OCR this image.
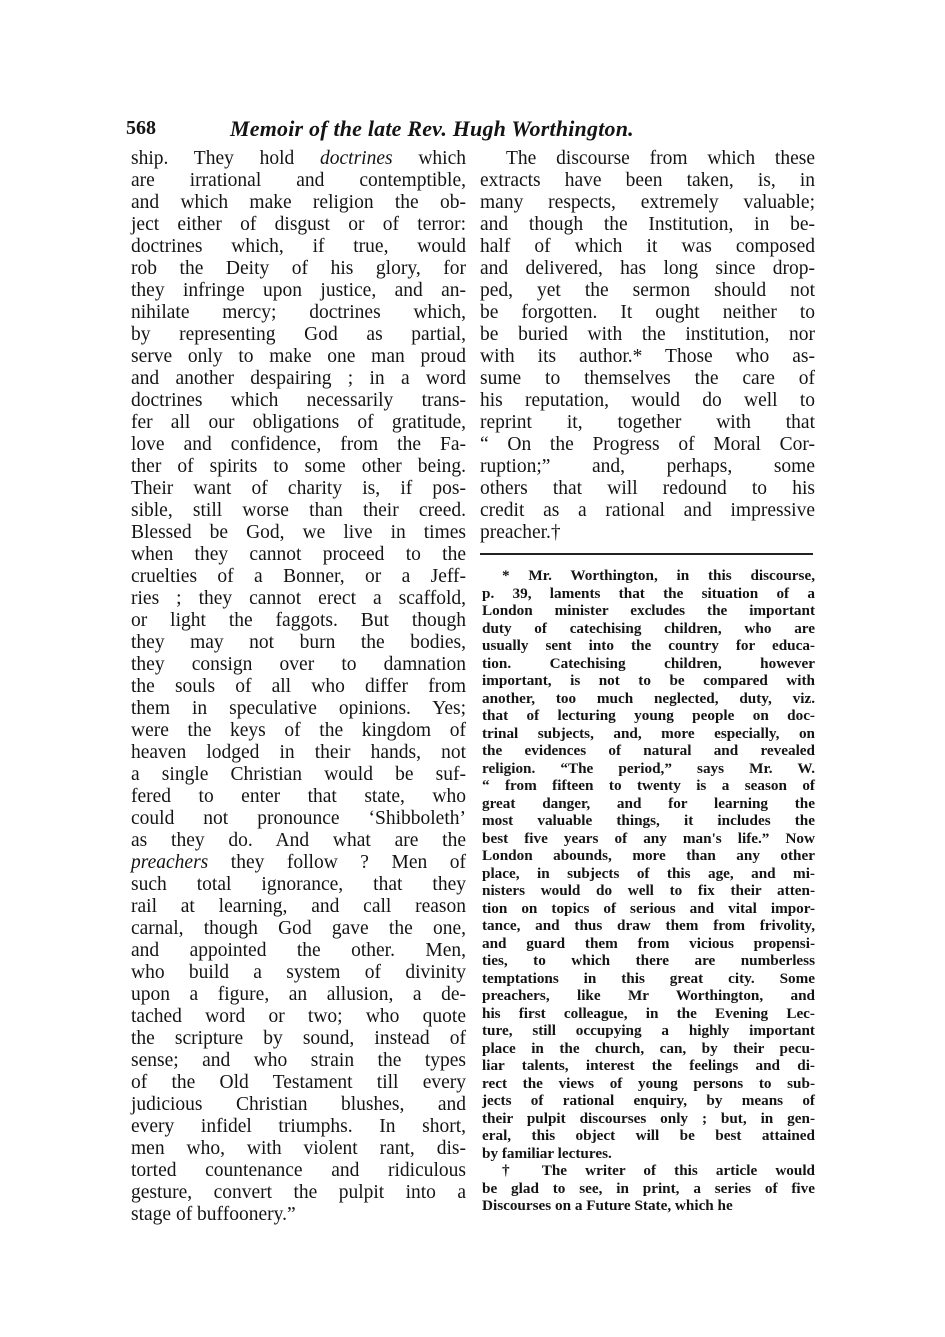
568	Memoir of the late Rev. Hugh Worthington.
ship. They hold doctrines which
are irrational and contemptible,
and which make religion the ob-
ject either of disgust or of terror:
doctrines which, if true, would
rob the Deity of his glory, for
they infringe upon justice, and an-
nihilate mercy; doctrines which,
by representing God as partial,
serve only to make one man proud
and another despairing ; in a word
doctrines which necessarily trans-
fer all our obligations of gratitude,
love and confidence, from the Fa-
ther of spirits to some other being.
Their want of charity is, if pos-
sible, still worse than their creed.
Blessed be God, we live in times
when they cannot proceed to the
cruelties of a Bonner, or a Jeff-
ries ; they cannot erect a scaffold,
or light the faggots. But though
they may not burn the bodies,
they consign over to damnation
the souls of all who differ from
them in speculative opinions. Yes;
were the keys of the kingdom of
heaven lodged in their hands, not
a single Christian would be suf-
fered to enter that state, who
could not pronounce ‘Shibboleth’
as they do. And what are the
preachers they follow ? Men of
such total ignorance, that they
rail at learning, and call reason
carnal, though God gave the one,
and appointed the other. Men,
who build a system of divinity
upon a figure, an allusion, a de-
tached word or two; who quote
the scripture by sound, instead of
sense; and who strain the types
of the Old Testament till every
judicious Christian blushes, and
every infidel triumphs. In short,
men who, with violent rant, dis-
torted countenance and ridiculous
gesture, convert the pulpit into a
stage of buffoonery.”
The discourse from which these
extracts have been taken, is, in
many respects, extremely valuable;
and though the Institution, in be-
half of which it was composed
and delivered, has long since drop-
ped, yet the sermon should not
be forgotten. It ought neither to
be buried with the institution, nor
with its author.* Those who as-
sume to themselves the care of
his reputation, would do well to
reprint it, together with that
“ On the Progress of Moral Cor-
ruption;” and, perhaps, some
others that will redound to his
credit as a rational and impressive
preacher.†
* Mr. Worthington, in this discourse,
p. 39, laments that the situation of a
London minister excludes the important
duty of catechising children, who are
usually sent into the country for educa-
tion. Catechising children, however
important, is not to be compared with
another, too much neglected, duty, viz.
that of lecturing young people on doc-
trinal subjects, and, more especially, on
the evidences of natural and revealed
religion. “The period,” says Mr. W.
“ from fifteen to twenty is a season of
great danger, and for learning the
most valuable things, it includes the
best five years of any man's life.” Now
London abounds, more than any other
place, in subjects of this age, and mi-
nisters would do well to fix their atten-
tion on topics of serious and vital impor-
tance, and thus draw them from frivolity,
and guard them from vicious propensi-
ties, to which there are numberless
temptations in this great city. Some
preachers, like Mr Worthington, and
his first colleague, in the Evening Lec-
ture, still occupying a highly important
place in the church, can, by their pecu-
liar talents, interest the feelings and di-
rect the views of young persons to sub-
jects of rational enquiry, by means of
their pulpit discourses only ; but, in gen-
eral, this object will be best attained
by familiar lectures.
† The writer of this article would
be glad to see, in print, a series of five
Discourses on a Future State, which he
